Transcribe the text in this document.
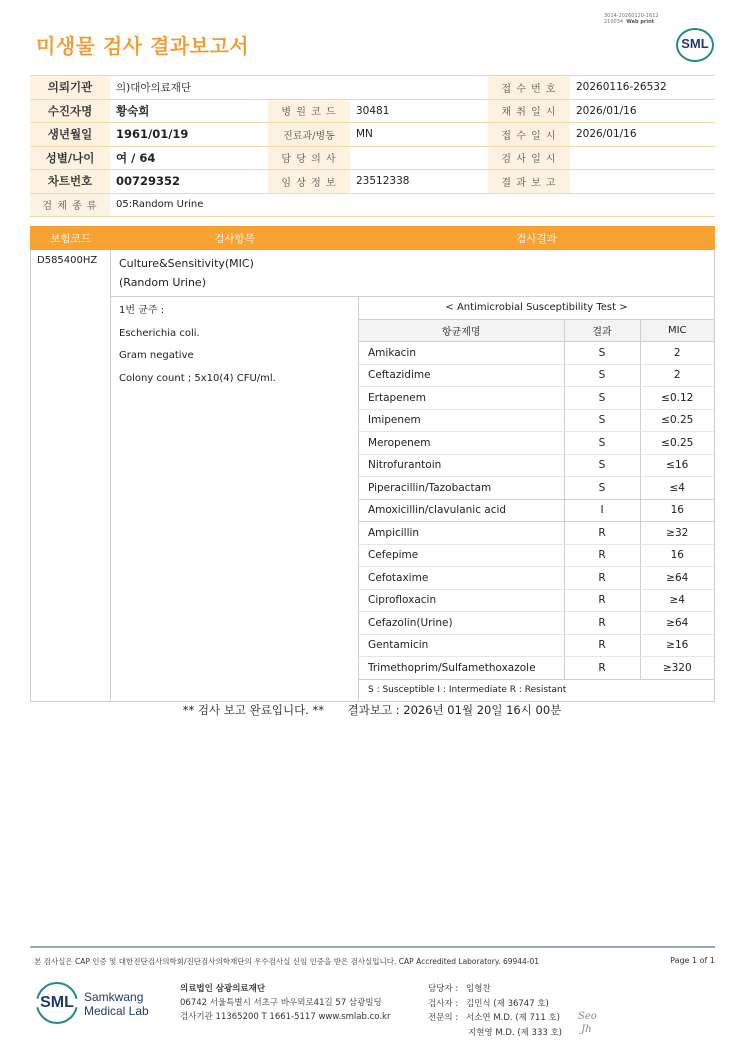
미생물 검사 결과보고서
3014-20260120-1612
210034 Web print
SML
의뢰기관	의)대아의료재단			접 수 번 호	20260116-26532
수진자명	황숙희	병 원 코 드	30481	채 취 일 시	2026/01/16
생년월일	1961/01/19	진료과/병동	MN	접 수 일 시	2026/01/16
성별/나이	여 / 64	담 당 의 사		검 사 일 시	
차트번호	00729352	임 상 정 보	23512338	결 과 보 고	
검 체 종 류	05:Random Urine				
보험코드	검사항목	검사결과
D585400HZ	Culture&Sensitivity(MIC)
(Random Urine)

1번 균주 :
Escherichia coli.
Gram negative
Colony count ; 5x10(4) CFU/ml.

< Antimicrobial Susceptibility Test >
항균제명	결과	MIC
Amikacin	S	2
Ceftazidime	S	2
Ertapenem	S	≤0.12
Imipenem	S	≤0.25
Meropenem	S	≤0.25
Nitrofurantoin	S	≤16
Piperacillin/Tazobactam	S	≤4
Amoxicillin/clavulanic acid	I	16
Ampicillin	R	≥32
Cefepime	R	16
Cefotaxime	R	≥64
Ciprofloxacin	R	≥4
Cefazolin(Urine)	R	≥64
Gentamicin	R	≥16
Trimethoprim/Sulfamethoxazole	R	≥320
S : Susceptible I : Intermediate R : Resistant
** 검사 보고 완료입니다. ** 결과보고 : 2026년 01월 20일 16시 00분
본 검사실은 CAP 인증 및 대한진단검사의학회/진단검사의학재단의 우수검사실 신임 인증을 받은 검사실입니다. CAP Accredited Laboratory. 69944-01	Page 1 of 1
SML Samkwang
Medical Lab
의료법인 삼광의료재단
06742 서울특별시 서초구 바우뫼로41길 57 삼광빌딩
검사기관 11365200 T 1661-5117 www.smlab.co.kr
담당자 : 임형찬
검사자 : 김민식 (제 36747 호)
전문의 : 서소연 M.D. (제 711 호)
지현영 M.D. (제 333 호)
Seo
Jh
